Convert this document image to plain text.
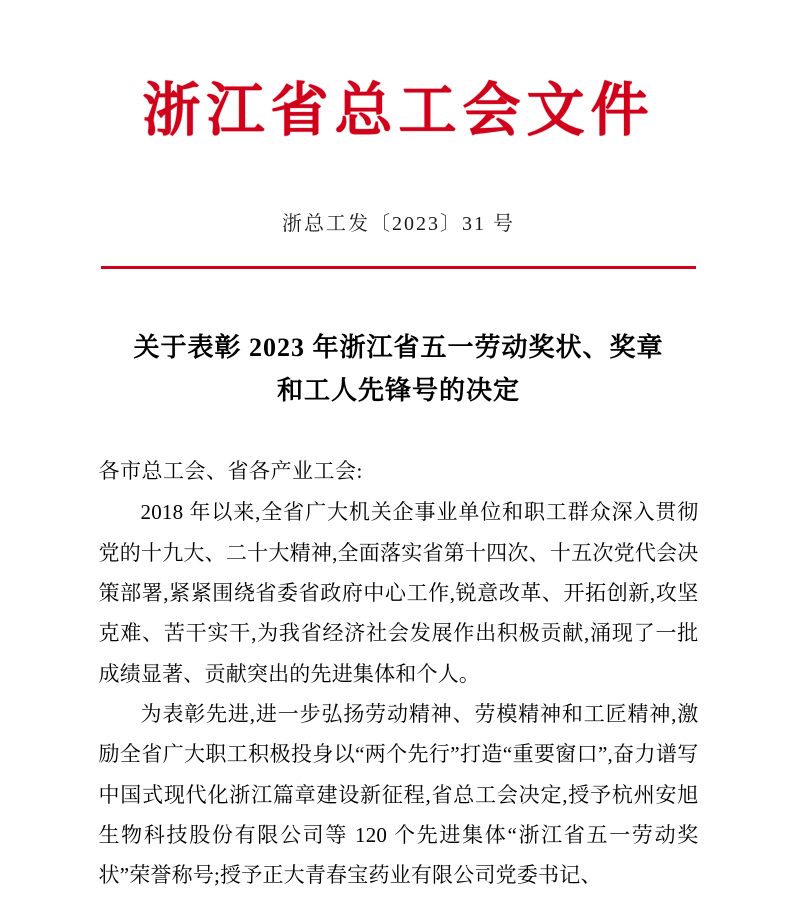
浙江省总工会文件
浙总工发〔2023〕31 号
关于表彰 2023 年浙江省五一劳动奖状、奖章
和工人先锋号的决定
各市总工会、省各产业工会:

2018 年以来,全省广大机关企事业单位和职工群众深入贯彻党的十九大、二十大精神,全面落实省第十四次、十五次党代会决策部署,紧紧围绕省委省政府中心工作,锐意改革、开拓创新,攻坚克难、苦干实干,为我省经济社会发展作出积极贡献,涌现了一批成绩显著、贡献突出的先进集体和个人。

为表彰先进,进一步弘扬劳动精神、劳模精神和工匠精神,激励全省广大职工积极投身以“两个先行”打造“重要窗口”,奋力谱写中国式现代化浙江篇章建设新征程,省总工会决定,授予杭州安旭生物科技股份有限公司等 120 个先进集体“浙江省五一劳动奖状”荣誉称号;授予正大青春宝药业有限公司党委书记、
